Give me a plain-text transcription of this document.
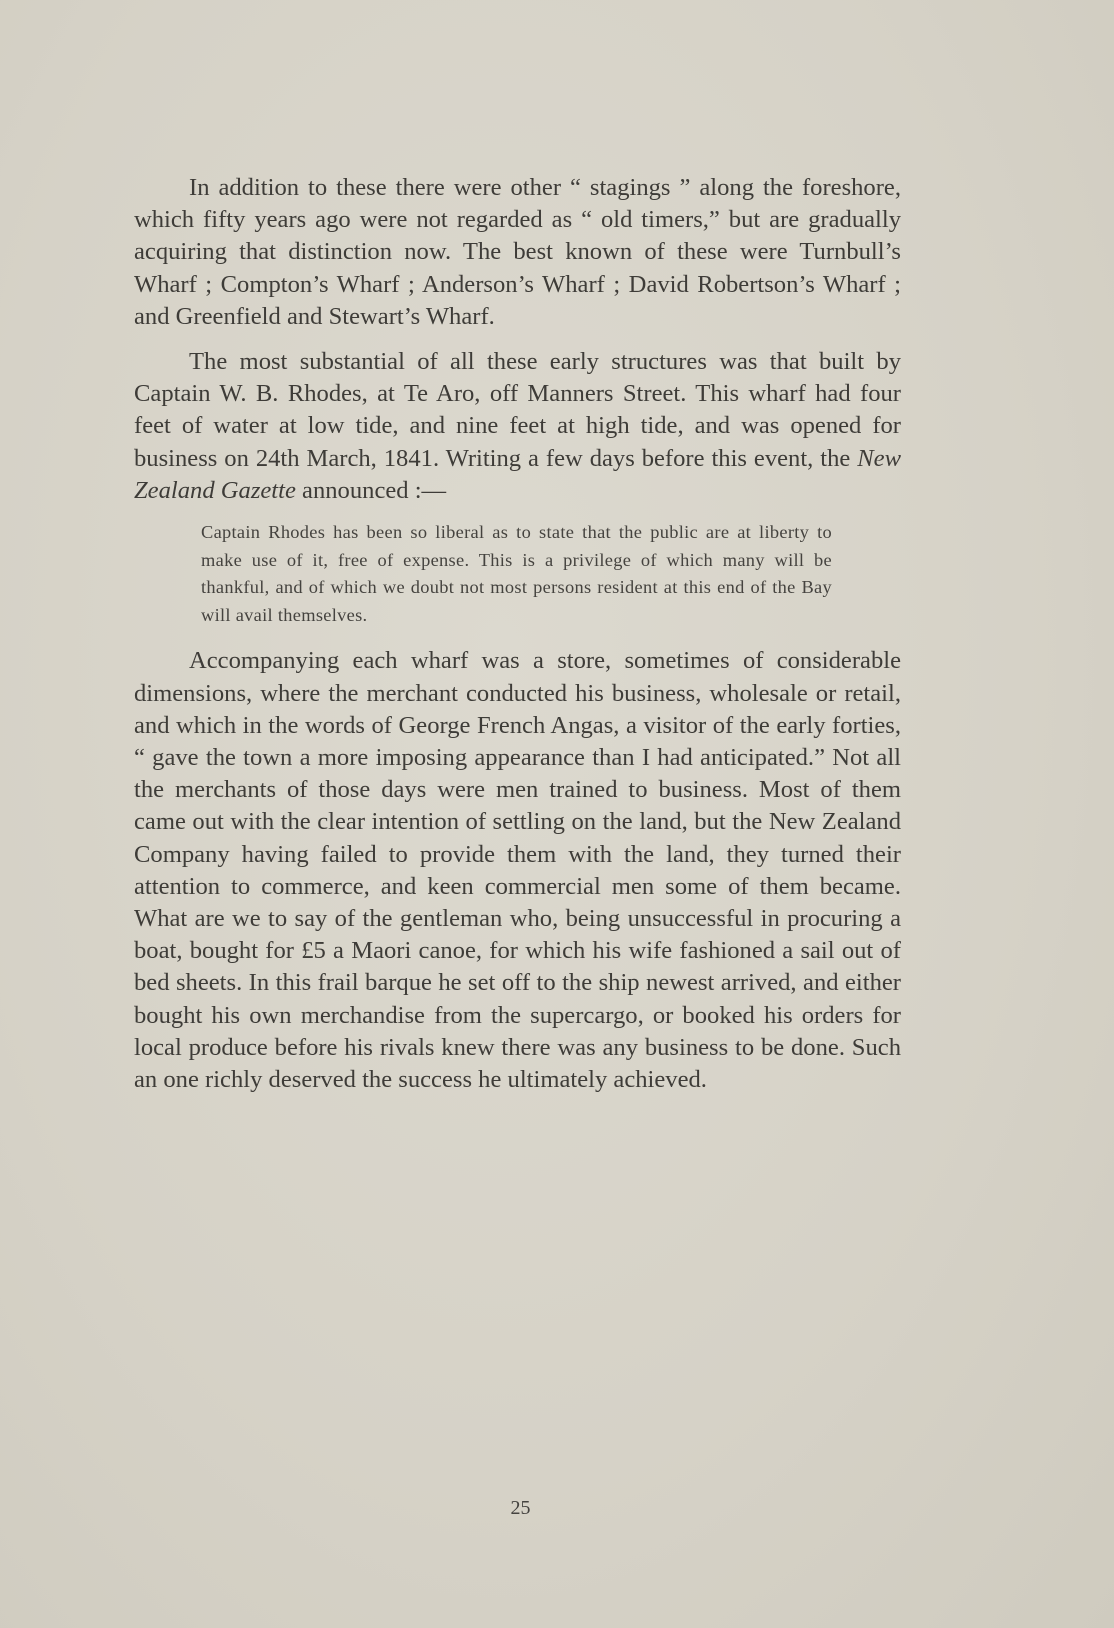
In addition to these there were other “ stagings ” along the foreshore, which fifty years ago were not regarded as “ old timers,” but are gradually acquiring that distinction now. The best known of these were Turnbull’s Wharf ; Compton’s Wharf ; Anderson’s Wharf ; David Robertson’s Wharf ; and Greenfield and Stewart’s Wharf.

The most substantial of all these early structures was that built by Captain W. B. Rhodes, at Te Aro, off Manners Street. This wharf had four feet of water at low tide, and nine feet at high tide, and was opened for business on 24th March, 1841. Writing a few days before this event, the New Zealand Gazette announced :—

Captain Rhodes has been so liberal as to state that the public are at liberty to make use of it, free of expense. This is a privilege of which many will be thankful, and of which we doubt not most persons resident at this end of the Bay will avail themselves.

Accompanying each wharf was a store, sometimes of considerable dimensions, where the merchant conducted his business, wholesale or retail, and which in the words of George French Angas, a visitor of the early forties, “ gave the town a more imposing appearance than I had anticipated.” Not all the merchants of those days were men trained to business. Most of them came out with the clear intention of settling on the land, but the New Zealand Company having failed to provide them with the land, they turned their attention to commerce, and keen commercial men some of them became. What are we to say of the gentleman who, being unsuccessful in procuring a boat, bought for £5 a Maori canoe, for which his wife fashioned a sail out of bed sheets. In this frail barque he set off to the ship newest arrived, and either bought his own merchandise from the supercargo, or booked his orders for local produce before his rivals knew there was any business to be done. Such an one richly deserved the success he ultimately achieved.

25
